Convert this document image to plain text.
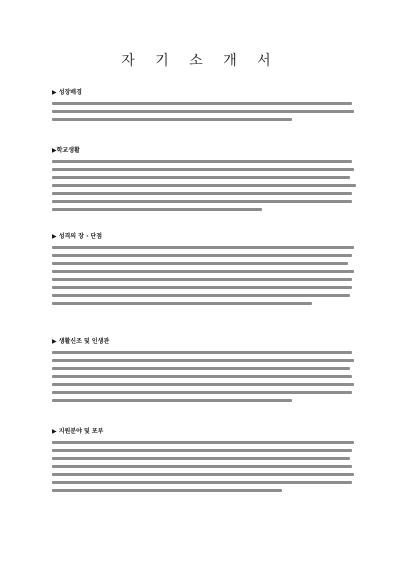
자 기 소 개 서
▶ 성장배경
▶학교생활
▶ 성격의 장 · 단점
▶ 생활신조 및 인생관
▶ 지원분야 및 포부
